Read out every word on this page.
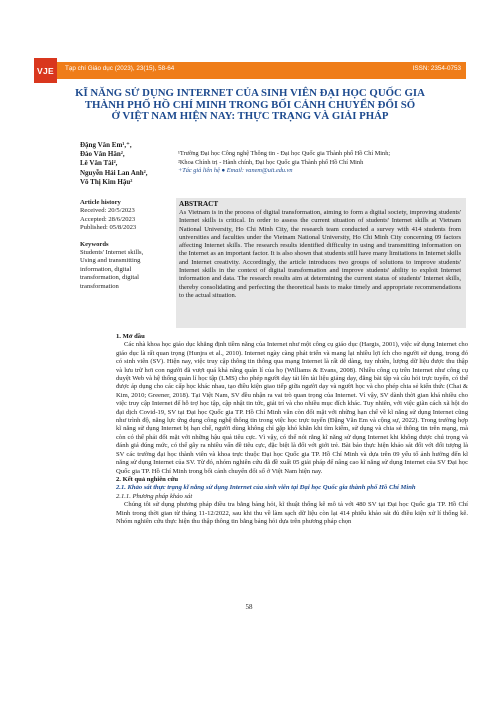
VJE	Tạp chí Giáo dục (2023), 23(15), 58-64	ISSN: 2354-0753
KĨ NĂNG SỬ DỤNG INTERNET CỦA SINH VIÊN ĐẠI HỌC QUỐC GIA
THÀNH PHỐ HỒ CHÍ MINH TRONG BỐI CẢNH CHUYỂN ĐỔI SỐ
Ở VIỆT NAM HIỆN NAY: THỰC TRẠNG VÀ GIẢI PHÁP
Đặng Văn Em¹,⁺,
Đào Văn Hân²,
Lê Văn Tài²,
Nguyễn Hải Lan Anh²,
Võ Thị Kim Hậu²
¹Trường Đại học Công nghệ Thông tin - Đại học Quốc gia Thành phố Hồ Chí Minh;
²Khoa Chính trị - Hành chính, Đại học Quốc gia Thành phố Hồ Chí Minh
+Tác giả liên hệ ● Email: vanem@uit.edu.vn
Article history
Received: 20/5/2023
Accepted: 28/6/2023
Published: 05/8/2023
Keywords
Students' Internet skills,
Using and transmitting
information, digital
transformation, digital
transformation
ABSTRACT
As Vietnam is in the process of digital transformation, aiming to form a digital society, improving students' Internet skills is critical. In order to assess the current situation of students' Internet skills at Vietnam National University, Ho Chi Minh City, the research team conducted a survey with 414 students from universities and faculties under the Vietnam National University, Ho Chi Minh City concerning 09 factors affecting Internet skills. The research results identified difficulty in using and transmitting information on the Internet as an important factor. It is also shown that students still have many limitations in Internet skills and Internet creativity. Accordingly, the article introduces two groups of solutions to improve students' Internet skills in the context of digital transformation and improve students' ability to exploit Internet information and data. The research results aim at determining the current status of students' Internet skills, thereby consolidating and perfecting the theoretical basis to make timely and appropriate recommendations to the actual situation.
1. Mở đầu

Các nhà khoa học giáo dục khẳng định tiềm năng của Internet như một công cụ giáo dục (Hargis, 2001), việc sử dụng Internet cho giáo dục là rất quan trọng (Hunjra et al., 2010). Internet ngày càng phát triển và mang lại nhiều lợi ích cho người sử dụng, trong đó có sinh viên (SV). Hiện nay, việc truy cập thông tin thông qua mạng Internet là rất dễ dàng, tuy nhiên, lượng dữ liệu được thu thập và lưu trữ hơi con người đã vượt quá khả năng quản lí của họ (Williams & Evans, 2008). Nhiều công cụ trên Internet như công cụ duyệt Web và hệ thống quản lí học tập (LMS) cho phép người dạy tải lên tài liệu giảng dạy, đăng bài tập và câu hỏi trực tuyến, có thể được áp dụng cho các cấp học khác nhau, tạo điều kiện giao tiếp giữa người dạy và người học và cho phép chia sẻ kiến thức (Chai & Kim, 2010; Greener, 2018). Tại Việt Nam, SV đều nhận ra vai trò quan trọng của Internet. Vì vậy, SV dành thời gian khá nhiều cho việc truy cập Internet để hỗ trợ học tập, cập nhật tin tức, giải trí và cho nhiều mục đích khác. Tuy nhiên, với việc giãn cách xã hội do đại dịch Covid-19, SV tại Đại học Quốc gia TP. Hồ Chí Minh vẫn còn đối mặt với những hạn chế về kĩ năng sử dụng Internet cũng như trình độ, năng lực ứng dụng công nghệ thông tin trong việc học trực tuyến (Đặng Văn Em và cộng sự, 2022). Trong trường hợp kĩ năng sử dụng Internet bị hạn chế, người dùng không chỉ gặp khó khăn khi tìm kiếm, sử dụng và chia sẻ thông tin trên mạng, mà còn có thể phải đối mặt với những hậu quả tiêu cực. Vì vậy, có thể nói rằng kĩ năng sử dụng Internet khi không được chú trọng và đánh giá đúng mức, có thể gây ra nhiều vấn đề tiêu cực, đặc biệt là đối với giới trẻ. Bài báo thực hiện khảo sát đối với đối tượng là SV các trường đại học thành viên và khoa trực thuộc Đại học Quốc gia TP. Hồ Chí Minh và dựa trên 09 yếu tố ảnh hưởng đến kĩ năng sử dụng Internet của SV. Từ đó, nhóm nghiên cứu đã đề xuất 05 giải pháp để nâng cao kĩ năng sử dụng Internet của SV Đại học Quốc gia TP. Hồ Chí Minh trong bối cảnh chuyển đổi số ở Việt Nam hiện nay.

2. Kết quả nghiên cứu
2.1. Khảo sát thực trạng kĩ năng sử dụng Internet của sinh viên tại Đại học Quốc gia thành phố Hồ Chí Minh
2.1.1. Phương pháp khảo sát

Chúng tôi sử dụng phương pháp điều tra bằng bảng hỏi, kĩ thuật thống kê mô tả với 480 SV tại Đại học Quốc gia TP. Hồ Chí Minh trong thời gian từ tháng 11-12/2022, sau khi thu về làm sạch dữ liệu còn lại 414 phiếu khảo sát đủ điều kiện xử lí thống kê. Nhóm nghiên cứu thực hiện thu thập thông tin bằng bảng hỏi dựa trên phương pháp chọn

58
